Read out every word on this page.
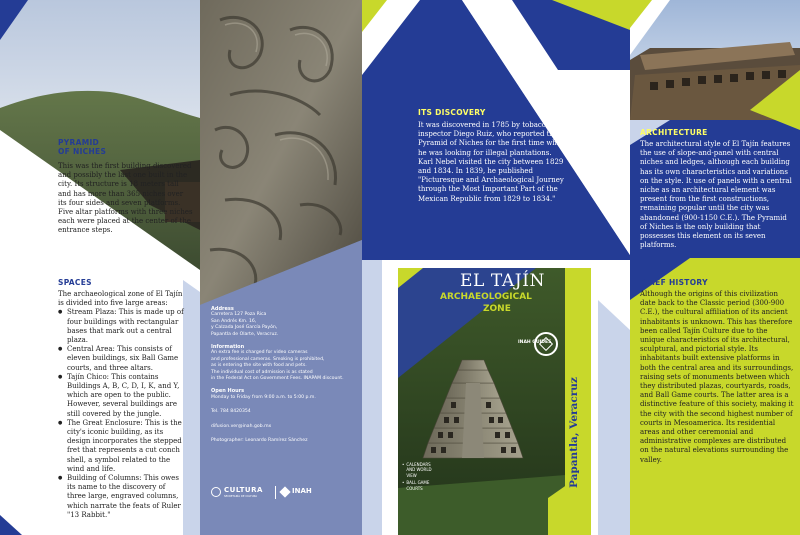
PYRAMID
OF NICHES
This was the first building discovered and possibly the last one built in the city. Its structure is 18 meters tall and has more than 365 niches over its four sides and seven platforms. Five altar platforms with three niches each were placed at the center of the entrance steps.
SPACES
The archaeological zone of El Tajín is divided into five large areas:
● Stream Plaza: This is made up of four buildings with rectangular bases that mark out a central plaza.
● Central Area: This consists of eleven buildings, six Ball Game courts, and three altars.
● Tajín Chico: This contains Buildings A, B, C, D, I, K, and Y, which are open to the public. However, several buildings are still covered by the jungle.
● The Great Enclosure: This is the city's iconic building, as its design incorporates the stepped fret that represents a cut conch shell, a symbol related to the wind and life.
● Building of Columns: This owes its name to the discovery of three large, engraved columns, which narrate the feats of Ruler "13 Rabbit."
Address
Carretera 127 Poza Rica
San Andrés Km. 16,
y Calzada José García Payón,
Papantla de Olarte, Veracruz.
Information
An extra fee is charged for video cameras
and professional cameras. Smoking is prohibited,
as is entering the site with food and pets.
The individual cost of admission is as stated
in the Federal Act on Government Fees. INAPAM discount.
Open Hours
Monday to Friday from 9:00 a.m. to 5:00 p.m.
Tel. 784 8420354
difusion.ver@inah.gob.mx
Photographer: Leonardo Ramírez Sánchez
CULTURA
SECRETARÍA DE CULTURA
INAH
ITS DISCOVERY
It was discovered in 1785 by tobacco inspector Diego Ruiz, who reported the Pyramid of Niches for the first time while he was looking for illegal plantations. Karl Nebel visited the city between 1829 and 1834. In 1839, he published "Picturesque and Archaeological Journey through the Most Important Part of the Mexican Republic from 1829 to 1834."
EL TAJÍN
ARCHAEOLOGICAL
ZONE
INAH GUIDES
Papantla, Veracruz
• CALENDARS AND WORLD VIEW
• BALL GAME COURTS
ARCHITECTURE
The architectural style of El Tajín features the use of slope-and-panel with central niches and ledges, although each building has its own characteristics and variations on the style. It use of panels with a central niche as an architectural element was present from the first constructions, remaining popular until the city was abandoned (900-1150 C.E.). The Pyramid of Niches is the only building that possesses this element on its seven platforms.
BRIEF HISTORY
Although the origins of this civilization date back to the Classic period (300-900 C.E.), the cultural affiliation of its ancient inhabitants is unknown. This has therefore been called Tajín Culture due to the unique characteristics of its architectural, sculptural, and pictorial style. Its inhabitants built extensive platforms in both the central area and its surroundings, raising sets of monuments between which they distributed plazas, courtyards, roads, and Ball Game courts. The latter area is a distinctive feature of this society, making it the city with the second highest number of courts in Mesoamerica. Its residential areas and other ceremonial and administrative complexes are distributed on the natural elevations surrounding the valley.
